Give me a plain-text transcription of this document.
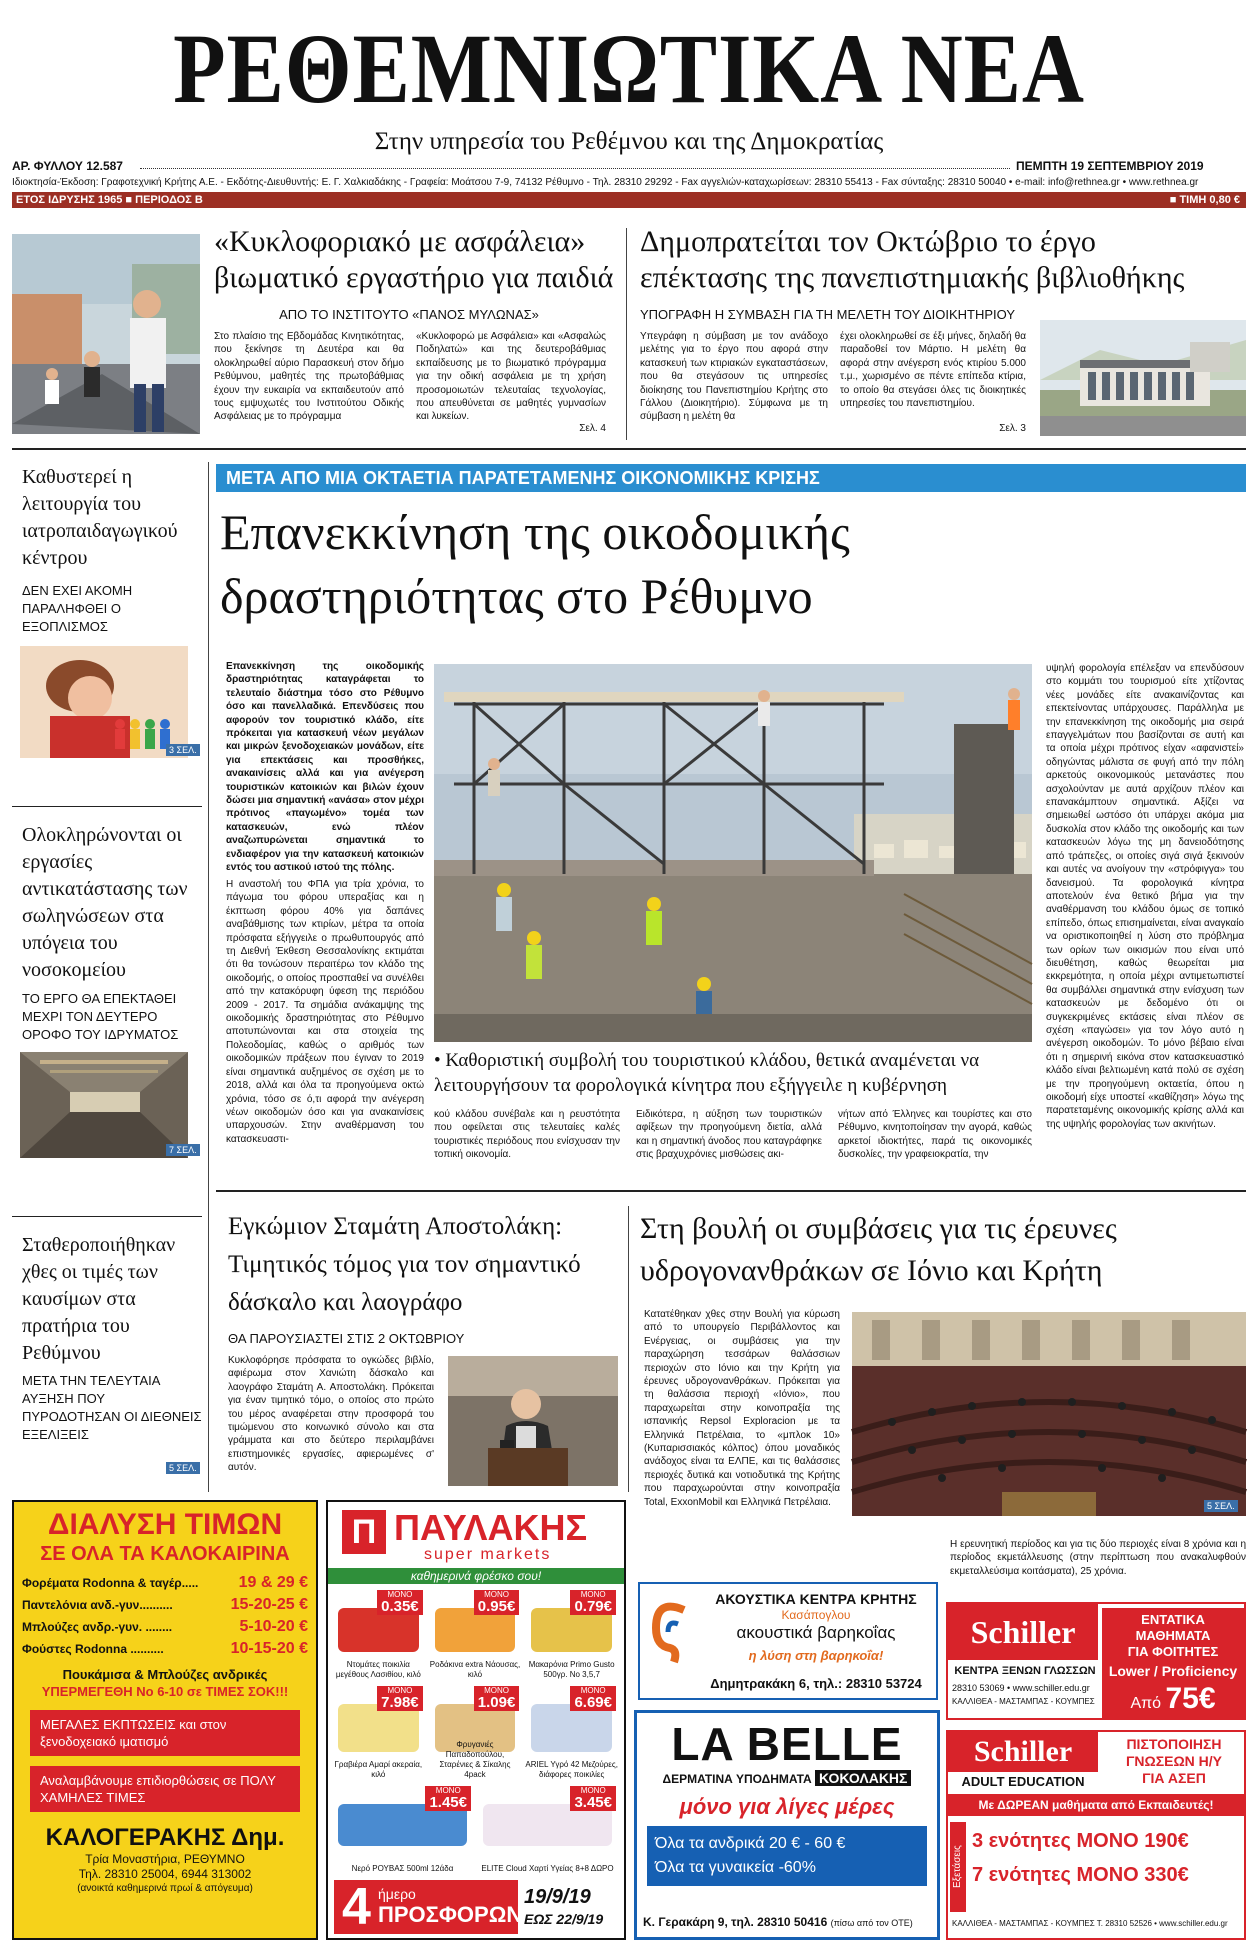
ΡΕΘΕΜΝΙΩΤΙΚΑ ΝΕΑ
Στην υπηρεσία του Ρεθέμνου και της Δημοκρατίας
ΑΡ. ΦΥΛΛΟΥ 12.587	ΠΕΜΠΤΗ 19 ΣΕΠΤΕΜΒΡΙΟΥ 2019
Ιδιοκτησία-Έκδοση: Γραφοτεχνική Κρήτης Α.Ε. - Εκδότης-Διευθυντής: Ε. Γ. Χαλκιαδάκης - Γραφεία: Μοάτσου 7-9, 74132 Ρέθυμνο - Τηλ. 28310 29292 - Fax αγγελιών-καταχωρίσεων: 28310 55413 - Fax σύνταξης: 28310 50040 • e-mail: info@rethnea.gr • www.rethnea.gr
ΕΤΟΣ ΙΔΡΥΣΗΣ 1965 ■ ΠΕΡΙΟΔΟΣ Β	■ ΤΙΜΗ 0,80 €
«Κυκλοφοριακό με ασφάλεια»
βιωματικό εργαστήριο για παιδιά
ΑΠΟ ΤΟ ΙΝΣΤΙΤΟΥΤΟ «ΠΑΝΟΣ ΜΥΛΩΝΑΣ»
Στο πλαίσιο της Εβδομάδας Κινητικότητας, που ξεκίνησε τη Δευτέρα και θα ολοκληρωθεί αύριο Παρασκευή στον δήμο Ρεθύμνου, μαθητές της πρωτοβάθμιας έχουν την ευκαιρία να εκπαιδευτούν από τους εμψυχωτές του Ινστιτούτου Οδικής Ασφάλειας με το πρόγραμμα
«Κυκλοφορώ με Ασφάλεια» και «Ασφαλώς Ποδηλατώ» και της δευτεροβάθμιας εκπαίδευσης με το βιωματικό πρόγραμμα για την οδική ασφάλεια με τη χρήση προσομοιωτών τελευταίας τεχνολογίας, που απευθύνεται σε μαθητές γυμνασίων και λυκείων.
Σελ. 4
Δημοπρατείται τον Οκτώβριο το έργο
επέκτασης της πανεπιστημιακής βιβλιοθήκης
ΥΠΟΓΡΑΦΗ Η ΣΥΜΒΑΣΗ ΓΙΑ ΤΗ ΜΕΛΕΤΗ ΤΟΥ ΔΙΟΙΚΗΤΗΡΙΟΥ
Υπεγράφη η σύμβαση με τον ανάδοχο μελέτης για το έργο που αφορά στην κατασκευή των κτιριακών εγκαταστάσεων, που θα στεγάσουν τις υπηρεσίες διοίκησης του Πανεπιστημίου Κρήτης στο Γάλλου (Διοικητήριο). Σύμφωνα με τη σύμβαση η μελέτη θα
έχει ολοκληρωθεί σε έξι μήνες, δηλαδή θα παραδοθεί τον Μάρτιο. Η μελέτη θα αφορά στην ανέγερση ενός κτιρίου 5.000 τ.μ., χωρισμένο σε πέντε επίπεδα κτίρια, το οποίο θα στεγάσει όλες τις διοικητικές υπηρεσίες του πανεπιστημίου.
Σελ. 3
Καθυστερεί η λειτουργία του ιατροπαιδαγωγικού κέντρου
ΔΕΝ ΕΧΕΙ ΑΚΟΜΗ ΠΑΡΑΛΗΦΘΕΙ Ο ΕΞΟΠΛΙΣΜΟΣ
3 ΣΕΛ.
Ολοκληρώνονται οι εργασίες αντικατάστασης των σωληνώσεων στα υπόγεια του νοσοκομείου
ΤΟ ΕΡΓΟ ΘΑ ΕΠΕΚΤΑΘΕΙ ΜΕΧΡΙ ΤΟΝ ΔΕΥΤΕΡΟ ΟΡΟΦΟ ΤΟΥ ΙΔΡΥΜΑΤΟΣ
7 ΣΕΛ.
Σταθεροποιήθηκαν χθες οι τιμές των καυσίμων στα πρατήρια του Ρεθύμνου
ΜΕΤΑ ΤΗΝ ΤΕΛΕΥΤΑΙΑ ΑΥΞΗΣΗ ΠΟΥ ΠΥΡΟΔΟΤΗΣΑΝ ΟΙ ΔΙΕΘΝΕΙΣ ΕΞΕΛΙΞΕΙΣ
5 ΣΕΛ.
ΜΕΤΑ ΑΠΟ ΜΙΑ ΟΚΤΑΕΤΙΑ ΠΑΡΑΤΕΤΑΜΕΝΗΣ ΟΙΚΟΝΟΜΙΚΗΣ ΚΡΙΣΗΣ
Επανεκκίνηση της οικοδομικής
δραστηριότητας στο Ρέθυμνο
Επανεκκίνηση της οικοδομικής δραστηριότητας καταγράφεται το τελευταίο διάστημα τόσο στο Ρέθυμνο όσο και πανελλαδικά. Επενδύσεις που αφορούν τον τουριστικό κλάδο, είτε πρόκειται για κατασκευή νέων μεγάλων και μικρών ξενοδοχειακών μονάδων, είτε για επεκτάσεις και προσθήκες, ανακαινίσεις αλλά και για ανέγερση τουριστικών κατοικιών και βιλών έχουν δώσει μια σημαντική «ανάσα» στον μέχρι πρότινος «παγωμένο» τομέα των κατασκευών, ενώ πλέον αναζωπυρώνεται σημαντικά το ενδιαφέρον για την κατασκευή κατοικιών εντός του αστικού ιστού της πόλης.
Η αναστολή του ΦΠΑ για τρία χρόνια, το πάγωμα του φόρου υπεραξίας και η έκπτωση φόρου 40% για δαπάνες αναβάθμισης των κτιρίων, μέτρα τα οποία πρόσφατα εξήγγειλε ο πρωθυπουργός από τη Διεθνή Έκθεση Θεσσαλονίκης εκτιμάται ότι θα τονώσουν περαιτέρω τον κλάδο της οικοδομής, ο οποίος προσπαθεί να συνέλθει από την κατακόρυφη ύφεση της περιόδου 2009 - 2017. Τα σημάδια ανάκαμψης της οικοδομικής δραστηριότητας στο Ρέθυμνο αποτυπώνονται και στα στοιχεία της Πολεοδομίας, καθώς ο αριθμός των οικοδομικών πράξεων που έγιναν το 2019 είναι σημαντικά αυξημένος σε σχέση με το 2018, αλλά και όλα τα προηγούμενα οκτώ χρόνια, τόσο σε ό,τι αφορά την ανέγερση νέων οικοδομών όσο και για ανακαινίσεις υπαρχουσών. Στην αναθέρμανση του κατασκευαστι-
• Καθοριστική συμβολή του τουριστικού κλάδου, θετικά αναμένεται να λειτουργήσουν τα φορολογικά κίνητρα που εξήγγειλε η κυβέρνηση
κού κλάδου συνέβαλε και η ρευστότητα που οφείλεται στις τελευταίες καλές τουριστικές περιόδους που ενίσχυσαν την τοπική οικονομία.
Ειδικότερα, η αύξηση των τουριστικών αφίξεων την προηγούμενη διετία, αλλά και η σημαντική άνοδος που καταγράφηκε στις βραχυχρόνιες μισθώσεις ακι-
νήτων από Έλληνες και τουρίστες και στο Ρέθυμνο, κινητοποίησαν την αγορά, καθώς αρκετοί ιδιοκτήτες, παρά τις οικονομικές δυσκολίες, την γραφειοκρατία, την
υψηλή φορολογία επέλεξαν να επενδύσουν στο κομμάτι του τουρισμού είτε χτίζοντας νέες μονάδες είτε ανακαινίζοντας και επεκτείνοντας υπάρχουσες. Παράλληλα με την επανεκκίνηση της οικοδομής μια σειρά επαγγελμάτων που βασίζονται σε αυτή και τα οποία μέχρι πρότινος είχαν «αφανιστεί» οδηγώντας μάλιστα σε φυγή από την πόλη αρκετούς οικονομικούς μετανάστες που ασχολούνταν με αυτά αρχίζουν πλέον και επανακάμπτουν σημαντικά. Αξίζει να σημειωθεί ωστόσο ότι υπάρχει ακόμα μια δυσκολία στον κλάδο της οικοδομής και των κατασκευών λόγω της μη δανειοδότησης από τράπεζες, οι οποίες σιγά σιγά ξεκινούν και αυτές να ανοίγουν την «στρόφιγγα» του δανεισμού. Τα φορολογικά κίνητρα αποτελούν ένα θετικό βήμα για την αναθέρμανση του κλάδου όμως σε τοπικό επίπεδο, όπως επισημαίνεται, είναι αναγκαίο να οριστικοποιηθεί η λύση στο πρόβλημα των ορίων των οικισμών που είναι υπό διευθέτηση, καθώς θεωρείται μια εκκρεμότητα, η οποία μέχρι αντιμετωπιστεί θα συμβάλλει σημαντικά στην ενίσχυση των κατασκευών με δεδομένο ότι οι συγκεκριμένες εκτάσεις είναι πλέον σε σχέση «παγώσει» για τον λόγο αυτό η ανέγερση οικοδομών. Το μόνο βέβαιο είναι ότι η σημερινή εικόνα στον κατασκευαστικό κλάδο είναι βελτιωμένη κατά πολύ σε σχέση με την προηγούμενη οκταετία, όπου η οικοδομή είχε υποστεί «καθίζηση» λόγω της παρατεταμένης οικονομικής κρίσης αλλά και της υψηλής φορολογίας των ακινήτων.
Εγκώμιον Σταμάτη Αποστολάκη:
Τιμητικός τόμος για τον σημαντικό
δάσκαλο και λαογράφο
ΘΑ ΠΑΡΟΥΣΙΑΣΤΕΙ ΣΤΙΣ 2 ΟΚΤΩΒΡΙΟΥ
Κυκλοφόρησε πρόσφατα το ογκώδες βιβλίο, αφιέρωμα στον Χανιώτη δάσκαλο και λαογράφο Σταμάτη Α. Αποστολάκη. Πρόκειται για έναν τιμητικό τόμο, ο οποίος στο πρώτο του μέρος αναφέρεται στην προσφορά του τιμώμενου στο κοινωνικό σύνολο και στα γράμματα και στο δεύτερο περιλαμβάνει επιστημονικές εργασίες, αφιερωμένες σ' αυτόν.
Στη βουλή οι συμβάσεις για τις έρευνες
υδρογονανθράκων σε Ιόνιο και Κρήτη
Κατατέθηκαν χθες στην Βουλή για κύρωση από το υπουργείο Περιβάλλοντος και Ενέργειας, οι συμβάσεις για την παραχώρηση τεσσάρων θαλάσσιων περιοχών στο Ιόνιο και την Κρήτη για έρευνες υδρογονανθράκων. Πρόκειται για τη θαλάσσια περιοχή «Ιόνιο», που παραχωρείται στην κοινοπραξία της ισπανικής Repsol Exploracion με τα Ελληνικά Πετρέλαια, το «μπλοκ 10» (Κυπαρισσιακός κόλπος) όπου μοναδικός ανάδοχος είναι τα ΕΛΠΕ, και τις θαλάσσιες περιοχές δυτικά και νοτιοδυτικά της Κρήτης που παραχωρούνται στην κοινοπραξία Total, ExxonMobil και Ελληνικά Πετρέλαια.	5 ΣΕΛ.
Η ερευνητική περίοδος και για τις δύο περιοχές είναι 8 χρόνια και η περίοδος εκμετάλλευσης (στην περίπτωση που ανακαλυφθούν εκμεταλλεύσιμα κοιτάσματα), 25 χρόνια.
ΔΙΑΛΥΣΗ ΤΙΜΩΝ
ΣΕ ΟΛΑ ΤΑ ΚΑΛΟΚΑΙΡΙΝΑ
Φορέματα Rodonna & ταγέρ.....	19 & 29 €
Παντελόνια ανδ.-γυν..........	15-20-25 €
Μπλούζες ανδρ.-γυν. ........	5-10-20 €
Φούστες Rodonna ..........	10-15-20 €
Πουκάμισα & Μπλούζες ανδρικές
ΥΠΕΡΜΕΓΕΘΗ Νο 6-10 σε ΤΙΜΕΣ ΣΟΚ!!!
ΜΕΓΑΛΕΣ ΕΚΠΤΩΣΕΙΣ και στον ξενοδοχειακό ιματισμό
Αναλαμβάνουμε επιδιορθώσεις σε ΠΟΛΥ ΧΑΜΗΛΕΣ ΤΙΜΕΣ
ΚΑΛΟΓΕΡΑΚΗΣ Δημ.
Τρία Μοναστήρια, ΡΕΘΥΜΝΟ
Τηλ. 28310 25004, 6944 313002
(ανοικτά καθημερινά πρωί & απόγευμα)
Π ΠΑΥΛΑΚΗΣ
super markets
καθημερινά φρέσκο σου!
ΜΟΝΟ
0.35€
Ντομάτες ποικιλία μεγέθους Λασιθίου, κιλό
ΜΟΝΟ
0.95€
Ροδάκινα extra Νάουσας, κιλό
ΜΟΝΟ
0.79€
Μακαρόνια Primo Gusto 500γρ. Νο 3,5,7
ΜΟΝΟ
7.98€
Γραβιέρα Αμαρί ακεραία, κιλό
ΜΟΝΟ
1.09€
Φρυγανιές Παπαδοπούλου, Σταρένιες & Σίκαλης 4pack
ΜΟΝΟ
6.69€
ARIEL Υγρό 42 Μεζούρες, διάφορες ποικιλίες
ΜΟΝΟ
1.45€
Νερό ΡΟΥΒΑΣ 500ml 12άδα
ΜΟΝΟ
3.45€
ELITE Cloud Χαρτί Υγείας 8+8 ΔΩΡΟ
4 ήμερο
ΠΡΟΣΦΟΡΩΝ
19/9/19
ΕΩΣ 22/9/19
ΑΚΟΥΣΤΙΚΑ ΚΕΝΤΡΑ ΚΡΗΤΗΣ
Κασάπογλου
ακουστικά βαρηκοΐας
η λύση στη βαρηκοΐα!
Δημητρακάκη 6, τηλ.: 28310 53724
LA BELLE
ΔΕΡΜΑΤΙΝΑ ΥΠΟΔΗΜΑΤΑ ΚΟΚΟΛΑΚΗΣ
μόνο για λίγες μέρες
Όλα τα ανδρικά 20 € - 60 €
Όλα τα γυναικεία -60%
Κ. Γερακάρη 9, τηλ. 28310 50416 (πίσω από τον ΟΤΕ)
Schiller
ΚΕΝΤΡΑ ΞΕΝΩΝ ΓΛΩΣΣΩΝ
28310 53069 • www.schiller.edu.gr
ΚΑΛΛΙΘΕΑ - ΜΑΣΤΑΜΠΑΣ - ΚΟΥΜΠΕΣ
ΕΝΤΑΤΙΚΑ ΜΑΘΗΜΑΤΑ
ΓΙΑ ΦΟΙΤΗΤΕΣ
Lower / Proficiency
Από 75€
Για εγγραφές έως 20 Σεπτεμβρίου
Schiller
ADULT EDUCATION
ΠΙΣΤΟΠΟΙΗΣΗ
ΓΝΩΣΕΩΝ Η/Υ
ΓΙΑ ΑΣΕΠ
Με ΔΩΡΕΑΝ μαθήματα από Εκπαιδευτές!
Εξετάσεις
3 ενότητες ΜΟΝΟ 190€
7 ενότητες ΜΟΝΟ 330€
ΚΑΛΛΙΘΕΑ - ΜΑΣΤΑΜΠΑΣ - ΚΟΥΜΠΕΣ Τ. 28310 52526 • www.schiller.edu.gr
